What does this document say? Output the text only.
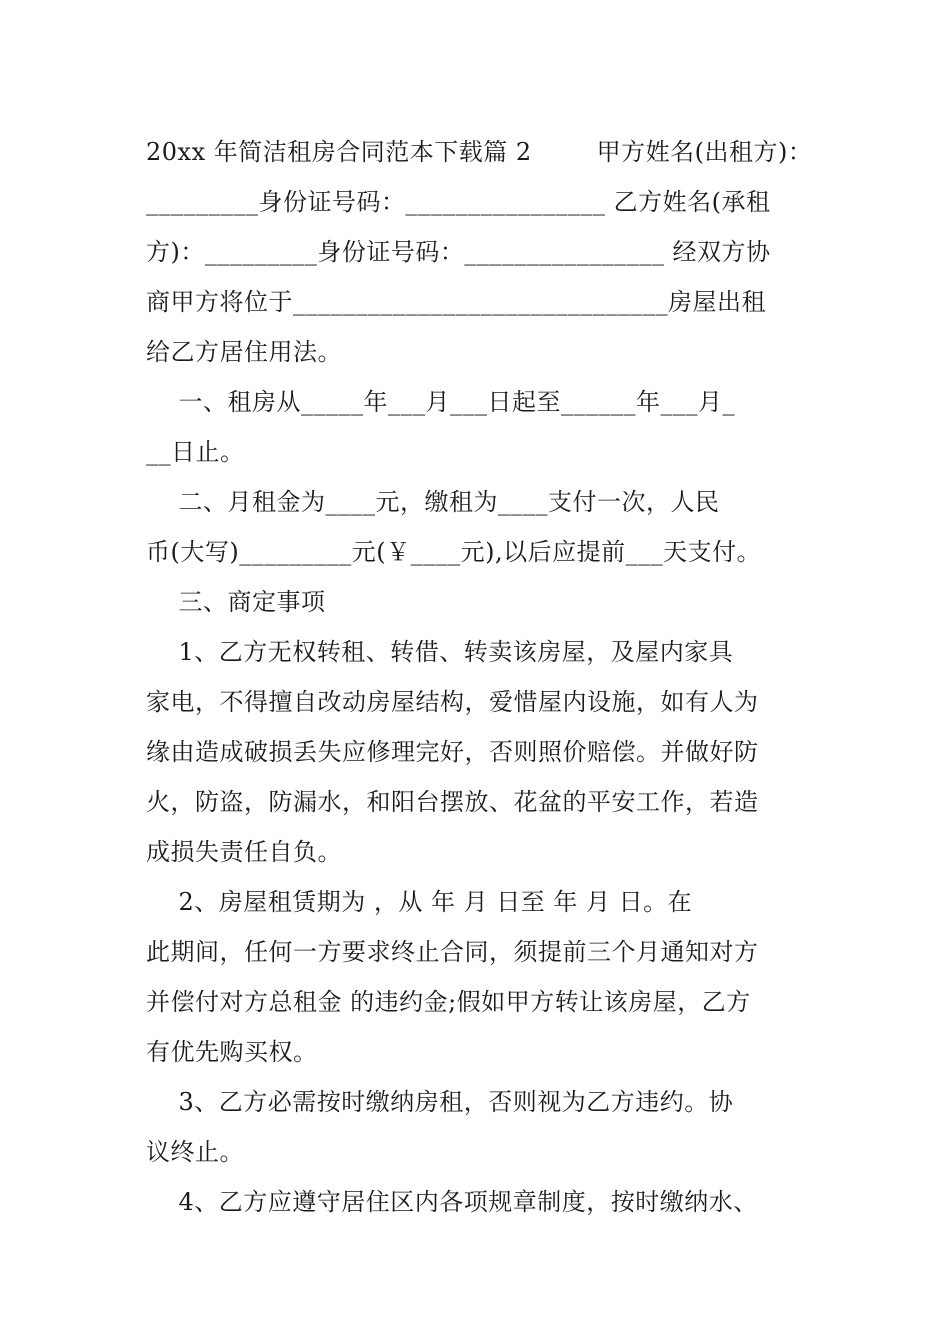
20xx 年简洁租房合同范本下载篇 2        甲方姓名(出租方)：
_________身份证号码：________________ 乙方姓名(承租
方)：_________身份证号码：________________ 经双方协
商甲方将位于______________________________房屋出租
给乙方居住用法。
一、租房从_____年___月___日起至______年___月_
__日止。
二、月租金为____元，缴租为____支付一次，人民
币(大写)_________元(￥____元),以后应提前___天支付。
三、商定事项
1、乙方无权转租、转借、转卖该房屋，及屋内家具
家电，不得擅自改动房屋结构，爱惜屋内设施，如有人为
缘由造成破损丢失应修理完好，否则照价赔偿。并做好防
火，防盗，防漏水，和阳台摆放、花盆的平安工作，若造
成损失责任自负。
2、房屋租赁期为 ，从 年 月 日至 年 月 日。在
此期间，任何一方要求终止合同，须提前三个月通知对方
并偿付对方总租金 的违约金;假如甲方转让该房屋，乙方
有优先购买权。
3、乙方必需按时缴纳房租，否则视为乙方违约。协
议终止。
4、乙方应遵守居住区内各项规章制度，按时缴纳水、
